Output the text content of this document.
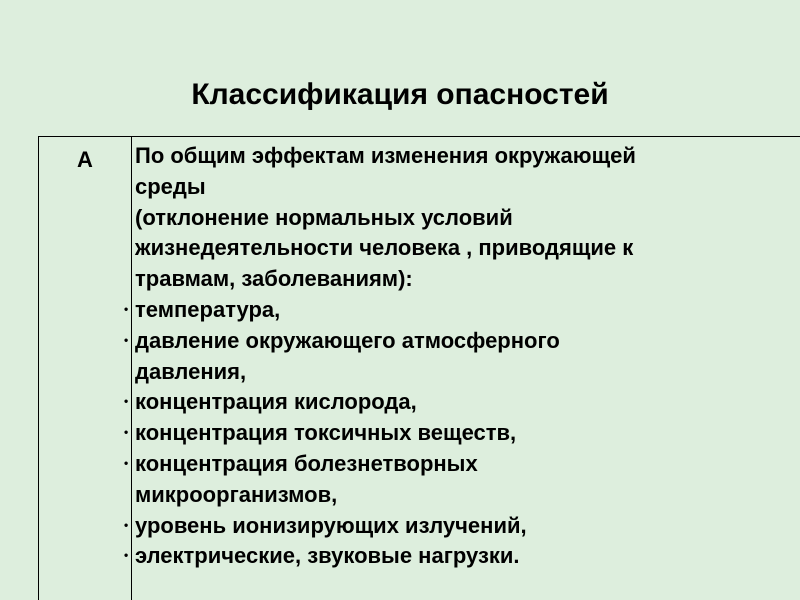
Классификация опасностей
А	По общим эффектам изменения окружающей
среды
(отклонение нормальных условий
жизнедеятельности человека , приводящие к
травмам, заболеваниям):
• температура,
• давление окружающего атмосферного
давления,
• концентрация кислорода,
• концентрация токсичных веществ,
• концентрация болезнетворных
микроорганизмов,
• уровень ионизирующих излучений,
• электрические, звуковые нагрузки.
